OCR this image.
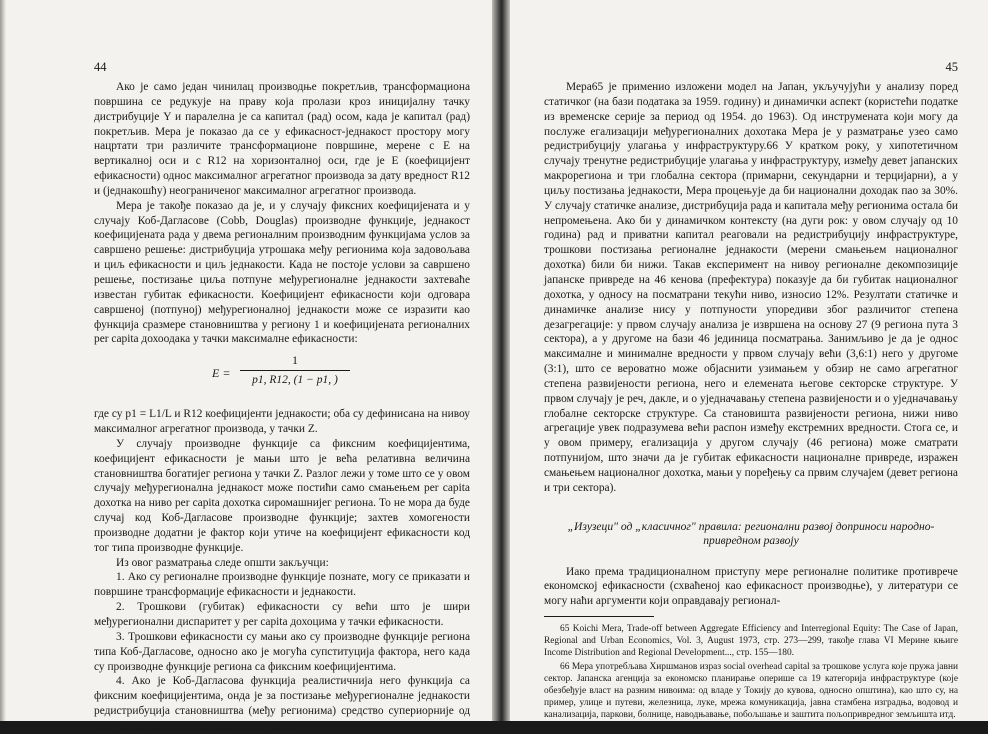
44

Ако је само један чинилац производње покретљив, трансформациона површина се редукује на праву која пролази кроз иницијалну тачку дистрибуције Y и паралелна је са капитал (рад) осом, када је капитал (рад) покретљив. Мера је показао да се у ефикасност-једнакост простору могу нацртати три различите трансформационе површине, мерене с E на вертикалној оси и с R12 на хоризонталној оси, где је E (коефицијент ефикасности) однос максималног агрегатног производа за дату вредност R12 и (једнакошћу) неограниченог максималног агрегатног производа.

Мера је такође показао да је, и у случају фиксних коефицијената и у случају Коб-Дагласове (Cobb, Douglas) производне функције, једнакост коефицијената рада у двема регионалним производним функцијама услов за савршено решење: дистрибуција утрошака међу регионима која задовољава и циљ ефикасности и циљ једнакости. Када не постоје услови за савршено решење, постизање циља потпуне међурегионалне једнакости захтеваће известан губитак ефикасности. Коефицијент ефикасности који одговара савршеној (потпуној) међурегионалној једнакости може се изразити као функција сразмере становништва у региону 1 и коефицијената регионалних per capita дохоодака у тачки максималне ефикасности:

E =
1
p1, R12, (1 − p1, )

где су p1 = L1/L и R12 коефицијенти једнакости; оба су дефинисана на нивоу максималног агрегатног производа, у тачки Z.

У случају производне функције са фиксним коефицијентима, коефицијент ефикасности је мањи што је већа релативна величина становништва богатијег региона у тачки Z. Разлог лежи у томе што се у овом случају међурегионална једнакост може постићи само смањењем per capita дохотка на ниво per capita дохотка сиромашнијег региона. То не мора да буде случај код Коб-Дагласове производне функције; захтев хомогености производне додатни је фактор који утиче на коефицијент ефикасности код тог типа производне функције.

Из овог разматрања следе општи закључци:

1. Ако су регионалне производне функције познате, могу се приказати и површине трансформације ефикасности и једнакости.

2. Трошкови (губитак) ефикасности су већи што је шири међурегионални диспаритет у per capita дохоцима у тачки ефикасности.

3. Трошкови ефикасности су мањи ако су производне функције региона типа Коб-Дагласове, односно ако је могућа супституција фактора, него када су производне функције региона са фиксним коефицијентима.

4. Ако је Коб-Дагласова функција реалистичнија него функција са фиксним коефицијентима, онда је за постизање међурегионалне једнакости редистрибуција становништва (међу регионима) средство супериорније од међурегионалне прерасподеле капитала.

45

Мера65 је применио изложени модел на Јапан, укључујући у анализу поред статичког (на бази података за 1959. годину) и динамички аспект (користећи податке из временске серије за период од 1954. до 1963). Од инструмената који могу да послуже егализацији међурегионалних дохотака Мера је у разматрање узео само редистрибуцију улагања у инфраструктуру.66 У кратком року, у хипотетичном случају тренутне редистрибуције улагања у инфраструктуру, између девет јапанских макрорегиона и три глобална сектора (примарни, секундарни и терцијарни), а у циљу постизања једнакости, Мера процењује да би национални доходак пао за 30%. У случају статичке анализе, дистрибуција рада и капитала међу регионима остала би непромењена. Ако би у динамичком контексту (на дуги рок: у овом случају од 10 година) рад и приватни капитал реаговали на редистрибуцију инфраструктуре, трошкови постизања регионалне једнакости (мерени смањењем националног дохотка) били би нижи. Такав експеримент на нивоу регионалне декомпозиције јапанске привреде на 46 кенова (префектура) показује да би губитак националног дохотка, у односу на посматрани текући ниво, износио 12%. Резултати статичке и динамичке анализе нису у потпуности упоредиви због различитог степена дезагрегације: у првом случају анализа је извршена на основу 27 (9 региона пута 3 сектора), а у другоме на бази 46 јединица посматрања. Занимљиво је да је однос максималне и минималне вредности у првом случају већи (3,6:1) него у другоме (3:1), што се вероватно може објаснити узимањем у обзир не само агрегатног степена развијености региона, него и елемената његове секторске структуре. У првом случају је реч, дакле, и о уједначавању степена развијености и о уједначавању глобалне секторске структуре. Са становишта развијености региона, нижи ниво агрегације увек подразумева већи распон између екстремних вредности. Стога се, и у овом примеру, егализација у другом случају (46 региона) може сматрати потпунијом, што значи да је губитак ефикасности националне привреде, изражен смањењем националног дохотка, мањи у поређењу са првим случајем (девет региона и три сектора).

„Изузеци" од „класичног" правила: регионални развој доприноси народно-привредном развоју

Иако према традиционалном приступу мере регионалне политике противрече економској ефикасности (схваћеној као ефикасност производње), у литератури се могу наћи аргументи који оправдавају регионал-

65 Koichi Mera, Trade-off between Aggregate Efficiency and Interregional Equity: The Case of Japan, Regional and Urban Economics, Vol. 3, August 1973, стр. 273—299, такође глава VI Мерине књиге Income Distribution and Regional Development..., стр. 155—180.

66 Мера употребљава Хиршманов израз social overhead capital за трошкове услуга које пружа јавни сектор. Јапанска агенција за економско планирање оперише са 19 категорија инфраструктуре (које обезбеђује власт на разним нивоима: од владе у Токију до кувова, односно општина), као што су, на пример, улице и путеви, железница, луке, мрежа комуникација, јавна стамбена изградња, водовод и канализација, паркови, болнице, наводњавање, побољшање и заштита пољопривредног земљишта итд.
